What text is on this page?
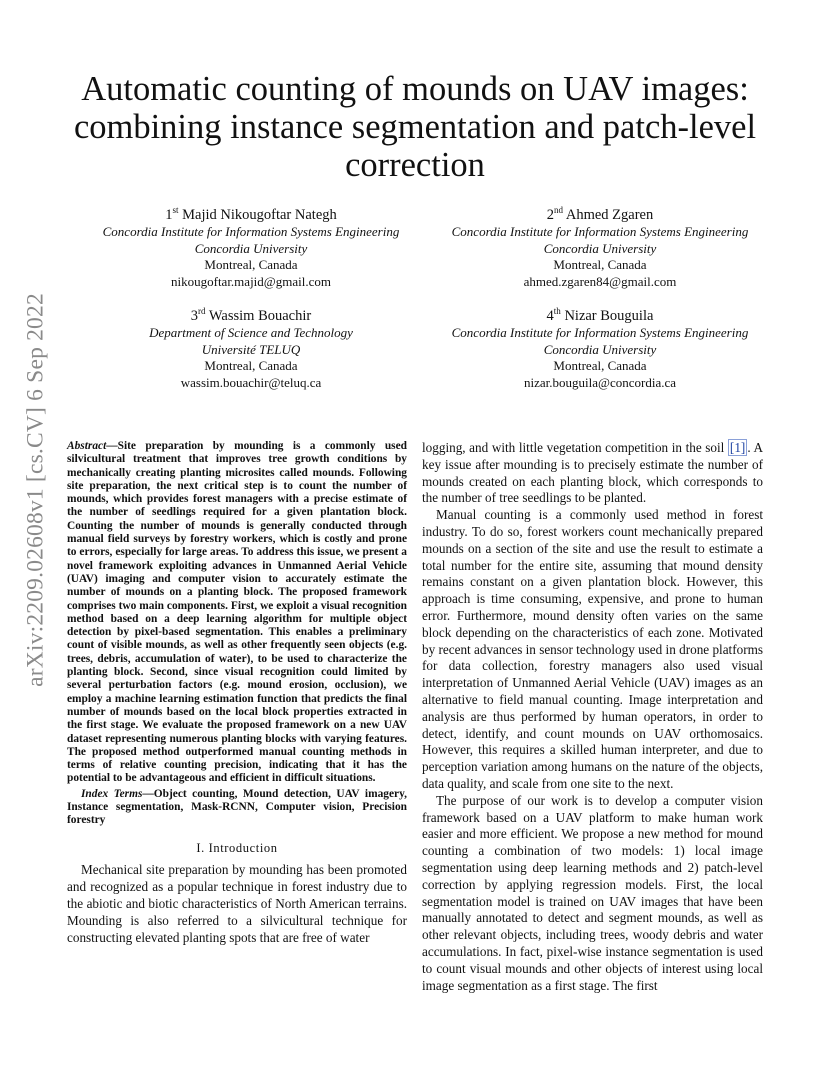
arXiv:2209.02608v1 [cs.CV] 6 Sep 2022
Automatic counting of mounds on UAV images: combining instance segmentation and patch-level correction
1st Majid Nikougoftar Nategh
Concordia Institute for Information Systems Engineering
Concordia University
Montreal, Canada
nikougoftar.majid@gmail.com
2nd Ahmed Zgaren
Concordia Institute for Information Systems Engineering
Concordia University
Montreal, Canada
ahmed.zgaren84@gmail.com
3rd Wassim Bouachir
Department of Science and Technology
Université TELUQ
Montreal, Canada
wassim.bouachir@teluq.ca
4th Nizar Bouguila
Concordia Institute for Information Systems Engineering
Concordia University
Montreal, Canada
nizar.bouguila@concordia.ca

Abstract—Site preparation by mounding is a commonly used silvicultural treatment that improves tree growth conditions by mechanically creating planting microsites called mounds. Following site preparation, the next critical step is to count the number of mounds, which provides forest managers with a precise estimate of the number of seedlings required for a given plantation block. Counting the number of mounds is generally conducted through manual field surveys by forestry workers, which is costly and prone to errors, especially for large areas. To address this issue, we present a novel framework exploiting advances in Unmanned Aerial Vehicle (UAV) imaging and computer vision to accurately estimate the number of mounds on a planting block. The proposed framework comprises two main components. First, we exploit a visual recognition method based on a deep learning algorithm for multiple object detection by pixel-based segmentation. This enables a preliminary count of visible mounds, as well as other frequently seen objects (e.g. trees, debris, accumulation of water), to be used to characterize the planting block. Second, since visual recognition could limited by several perturbation factors (e.g. mound erosion, occlusion), we employ a machine learning estimation function that predicts the final number of mounds based on the local block properties extracted in the first stage. We evaluate the proposed framework on a new UAV dataset representing numerous planting blocks with varying features. The proposed method outperformed manual counting methods in terms of relative counting precision, indicating that it has the potential to be advantageous and efficient in difficult situations.

Index Terms—Object counting, Mound detection, UAV imagery, Instance segmentation, Mask-RCNN, Computer vision, Precision forestry

I. Introduction

Mechanical site preparation by mounding has been promoted and recognized as a popular technique in forest industry due to the abiotic and biotic characteristics of North American terrains. Mounding is also referred to a silvicultural technique for constructing elevated planting spots that are free of water

logging, and with little vegetation competition in the soil [1] . A key issue after mounding is to precisely estimate the number of mounds created on each planting block, which corresponds to the number of tree seedlings to be planted.

Manual counting is a commonly used method in forest industry. To do so, forest workers count mechanically prepared mounds on a section of the site and use the result to estimate a total number for the entire site, assuming that mound density remains constant on a given plantation block. However, this approach is time consuming, expensive, and prone to human error. Furthermore, mound density often varies on the same block depending on the characteristics of each zone. Motivated by recent advances in sensor technology used in drone platforms for data collection, forestry managers also used visual interpretation of Unmanned Aerial Vehicle (UAV) images as an alternative to field manual counting. Image interpretation and analysis are thus performed by human operators, in order to detect, identify, and count mounds on UAV orthomosaics. However, this requires a skilled human interpreter, and due to perception variation among humans on the nature of the objects, data quality, and scale from one site to the next.

The purpose of our work is to develop a computer vision framework based on a UAV platform to make human work easier and more efficient. We propose a new method for mound counting a combination of two models: 1) local image segmentation using deep learning methods and 2) patch-level correction by applying regression models. First, the local segmentation model is trained on UAV images that have been manually annotated to detect and segment mounds, as well as other relevant objects, including trees, woody debris and water accumulations. In fact, pixel-wise instance segmentation is used to count visual mounds and other objects of interest using local image segmentation as a first stage. The first
